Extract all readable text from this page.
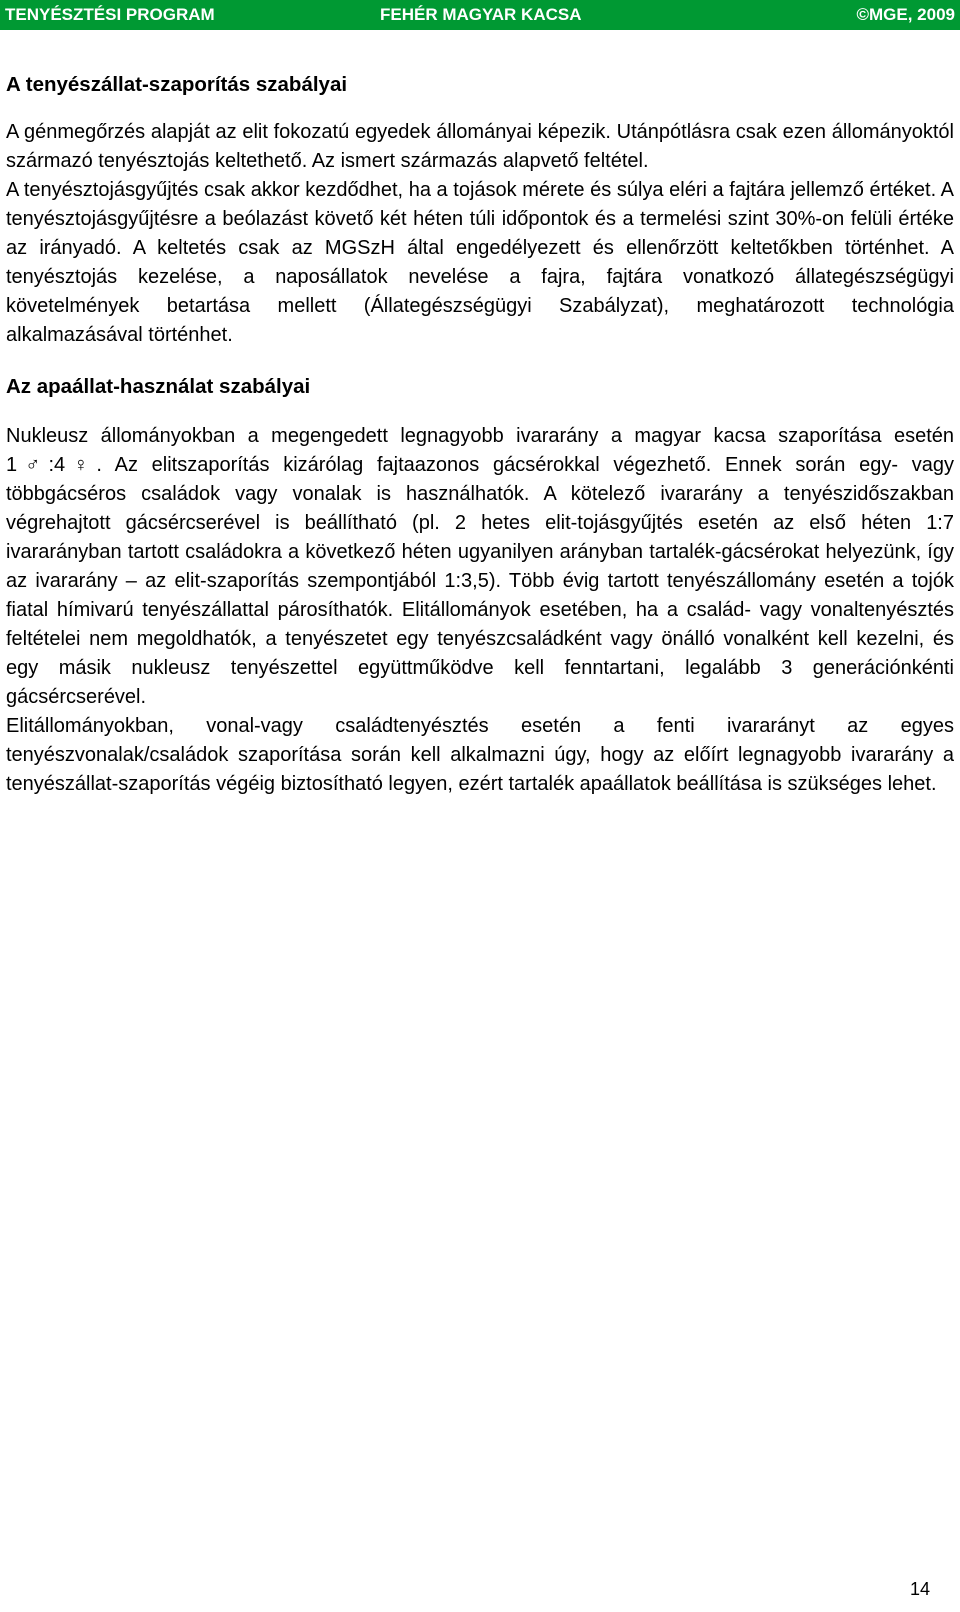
TENYÉSZTÉSI PROGRAM	FEHÉR MAGYAR KACSA	©MGE, 2009
A tenyészállat-szaporítás szabályai

A génmegőrzés alapját az elit fokozatú egyedek állományai képezik. Utánpótlásra csak ezen állományoktól származó tenyésztojás keltethető. Az ismert származás alapvető feltétel.

A tenyésztojásgyűjtés csak akkor kezdődhet, ha a tojások mérete és súlya eléri a fajtára jellemző értéket. A tenyésztojásgyűjtésre a beólazást követő két héten túli időpontok és a termelési szint 30%-on felüli értéke az irányadó. A keltetés csak az MGSzH által engedélyezett és ellenőrzött keltetőkben történhet. A tenyésztojás kezelése, a naposállatok nevelése a fajra, fajtára vonatkozó állategészségügyi követelmények betartása mellett (Állategészségügyi Szabályzat), meghatározott technológia alkalmazásával történhet.

Az apaállat-használat szabályai

Nukleusz állományokban a megengedett legnagyobb ivararány a magyar kacsa szaporítása esetén 1♂:4♀. Az elitszaporítás kizárólag fajtaazonos gácsérokkal végezhető. Ennek során egy- vagy többgácséros családok vagy vonalak is használhatók. A kötelező ivararány a tenyészidőszakban végrehajtott gácsércserével is beállítható (pl. 2 hetes elit-tojásgyűjtés esetén az első héten 1:7 ivararányban tartott családokra a következő héten ugyanilyen arányban tartalék-gácsérokat helyezünk, így az ivararány – az elit-szaporítás szempontjából 1:3,5). Több évig tartott tenyészállomány esetén a tojók fiatal hímivarú tenyészállattal párosíthatók. Elitállományok esetében, ha a család- vagy vonaltenyésztés feltételei nem megoldhatók, a tenyészetet egy tenyészcsaládként vagy önálló vonalként kell kezelni, és egy másik nukleusz tenyészettel együttműködve kell fenntartani, legalább 3 generációnkénti gácsércserével.

Elitállományokban, vonal-vagy családtenyésztés esetén a fenti ivararányt az egyes tenyészvonalak/családok szaporítása során kell alkalmazni úgy, hogy az előírt legnagyobb ivararány a tenyészállat-szaporítás végéig biztosítható legyen, ezért tartalék apaállatok beállítása is szükséges lehet.

14
